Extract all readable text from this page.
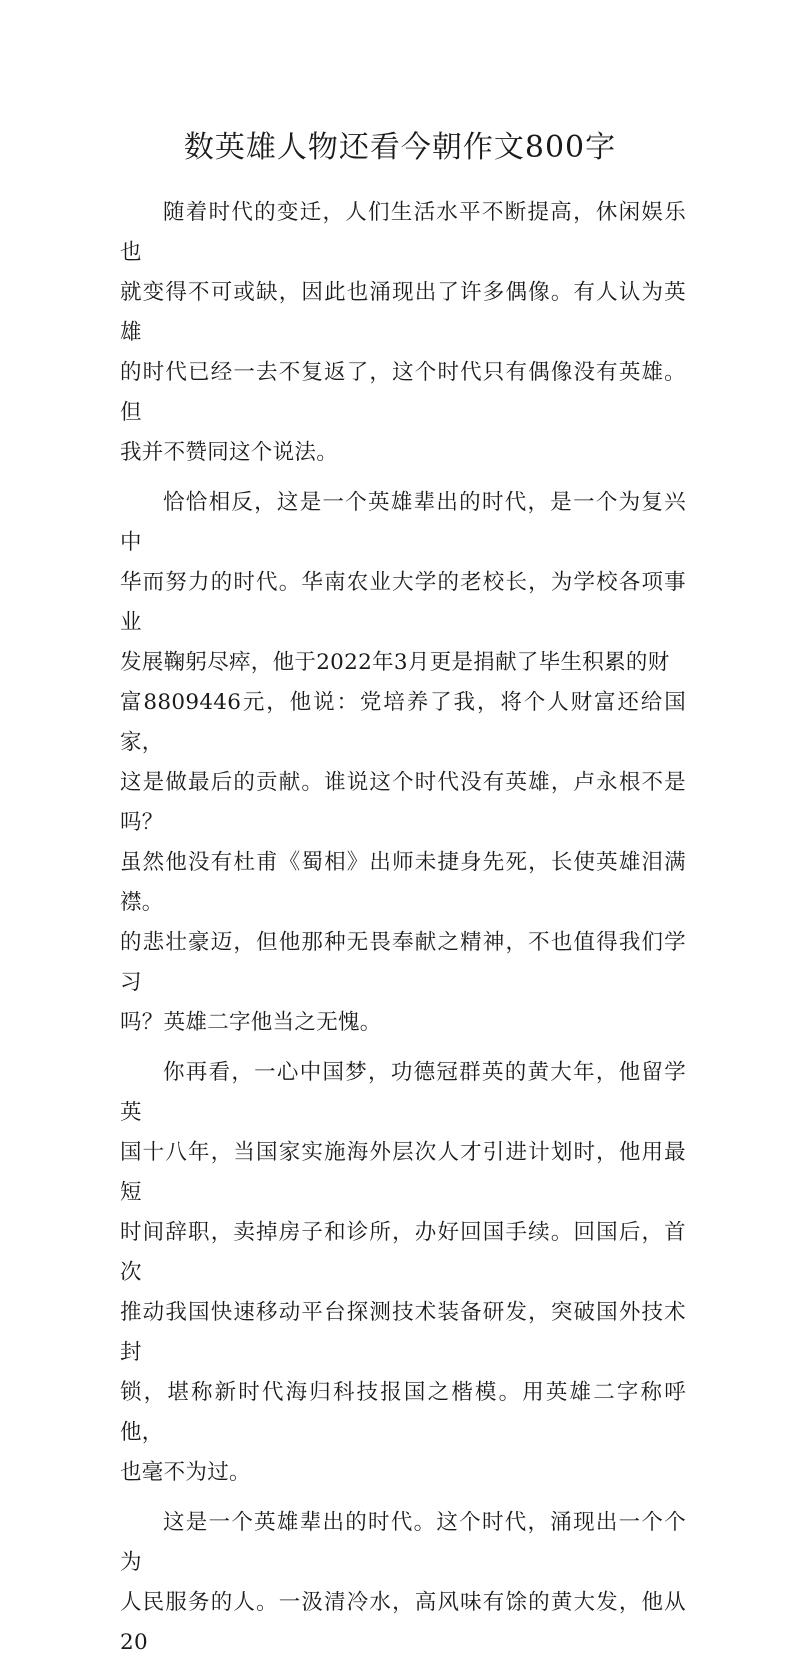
数英雄人物还看今朝作文800字

随着时代的变迁，人们生活水平不断提高，休闲娱乐也
就变得不可或缺，因此也涌现出了许多偶像。有人认为英雄
的时代已经一去不复返了，这个时代只有偶像没有英雄。但
我并不赞同这个说法。

恰恰相反，这是一个英雄辈出的时代，是一个为复兴中
华而努力的时代。华南农业大学的老校长，为学校各项事业
发展鞠躬尽瘁，他于2022年3月更是捐献了毕生积累的财
富8809446元，他说：党培养了我，将个人财富还给国家，
这是做最后的贡献。谁说这个时代没有英雄，卢永根不是吗？
虽然他没有杜甫《蜀相》出师未捷身先死，长使英雄泪满襟。
的悲壮豪迈，但他那种无畏奉献之精神，不也值得我们学习
吗？英雄二字他当之无愧。

你再看，一心中国梦，功德冠群英的黄大年，他留学英
国十八年，当国家实施海外层次人才引进计划时，他用最短
时间辞职，卖掉房子和诊所，办好回国手续。回国后，首次
推动我国快速移动平台探测技术装备研发，突破国外技术封
锁，堪称新时代海归科技报国之楷模。用英雄二字称呼他，
也毫不为过。

这是一个英雄辈出的时代。这个时代，涌现出一个个为
人民服务的人。一汲清冷水，高风味有馀的黄大发，他从20
